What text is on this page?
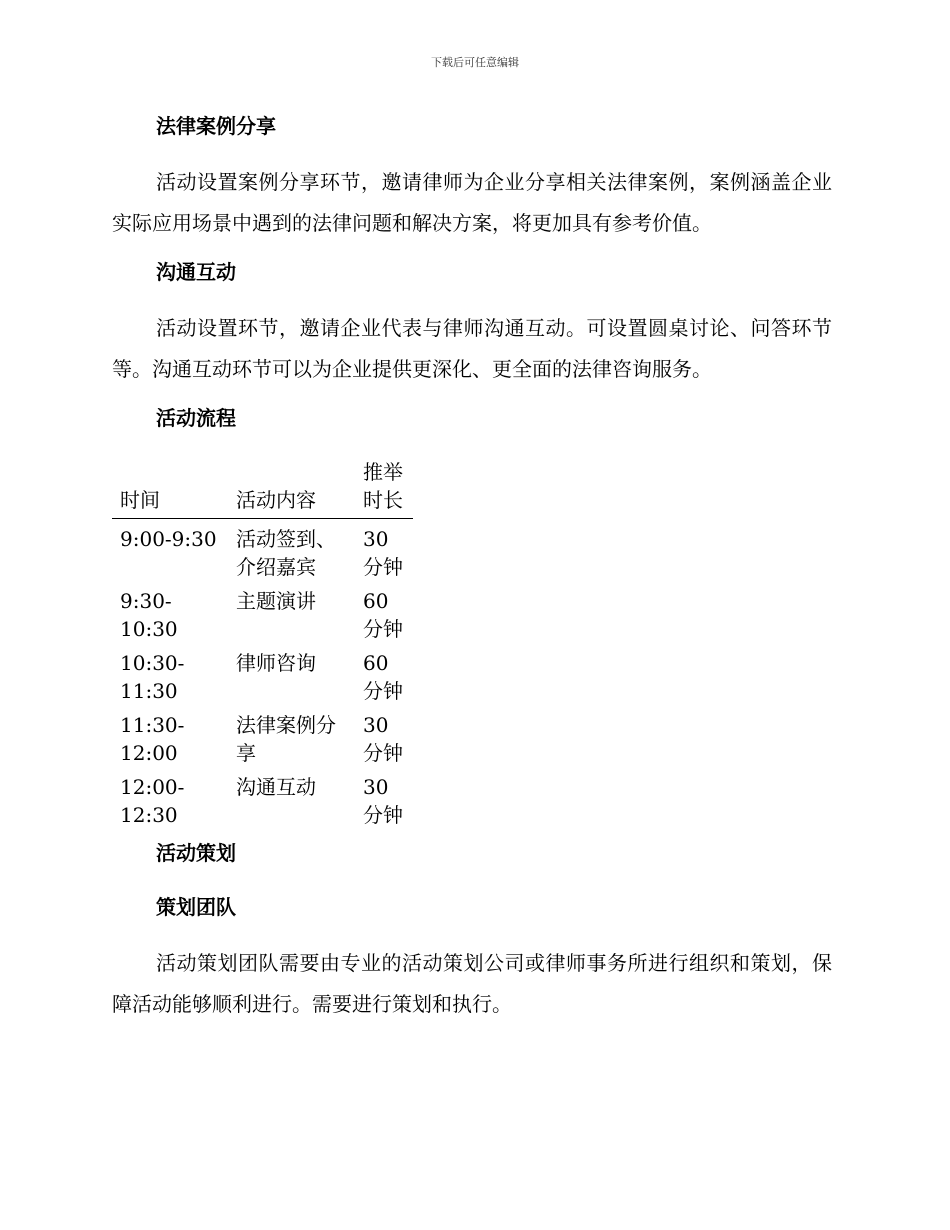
下载后可任意编辑
法律案例分享

活动设置案例分享环节，邀请律师为企业分享相关法律案例，案例涵盖企业实际应用场景中遇到的法律问题和解决方案，将更加具有参考价值。

沟通互动

活动设置环节，邀请企业代表与律师沟通互动。可设置圆桌讨论、问答环节等。沟通互动环节可以为企业提供更深化、更全面的法律咨询服务。

活动流程
时间	活动内容	推举时长
9:00-9:30	活动签到、介绍嘉宾	30分钟
9:30-10:30	主题演讲	60分钟
10:30-11:30	律师咨询	60分钟
11:30-12:00	法律案例分享	30分钟
12:00-12:30	沟通互动	30分钟
活动策划
策划团队

活动策划团队需要由专业的活动策划公司或律师事务所进行组织和策划，保障活动能够顺利进行。需要进行策划和执行。
